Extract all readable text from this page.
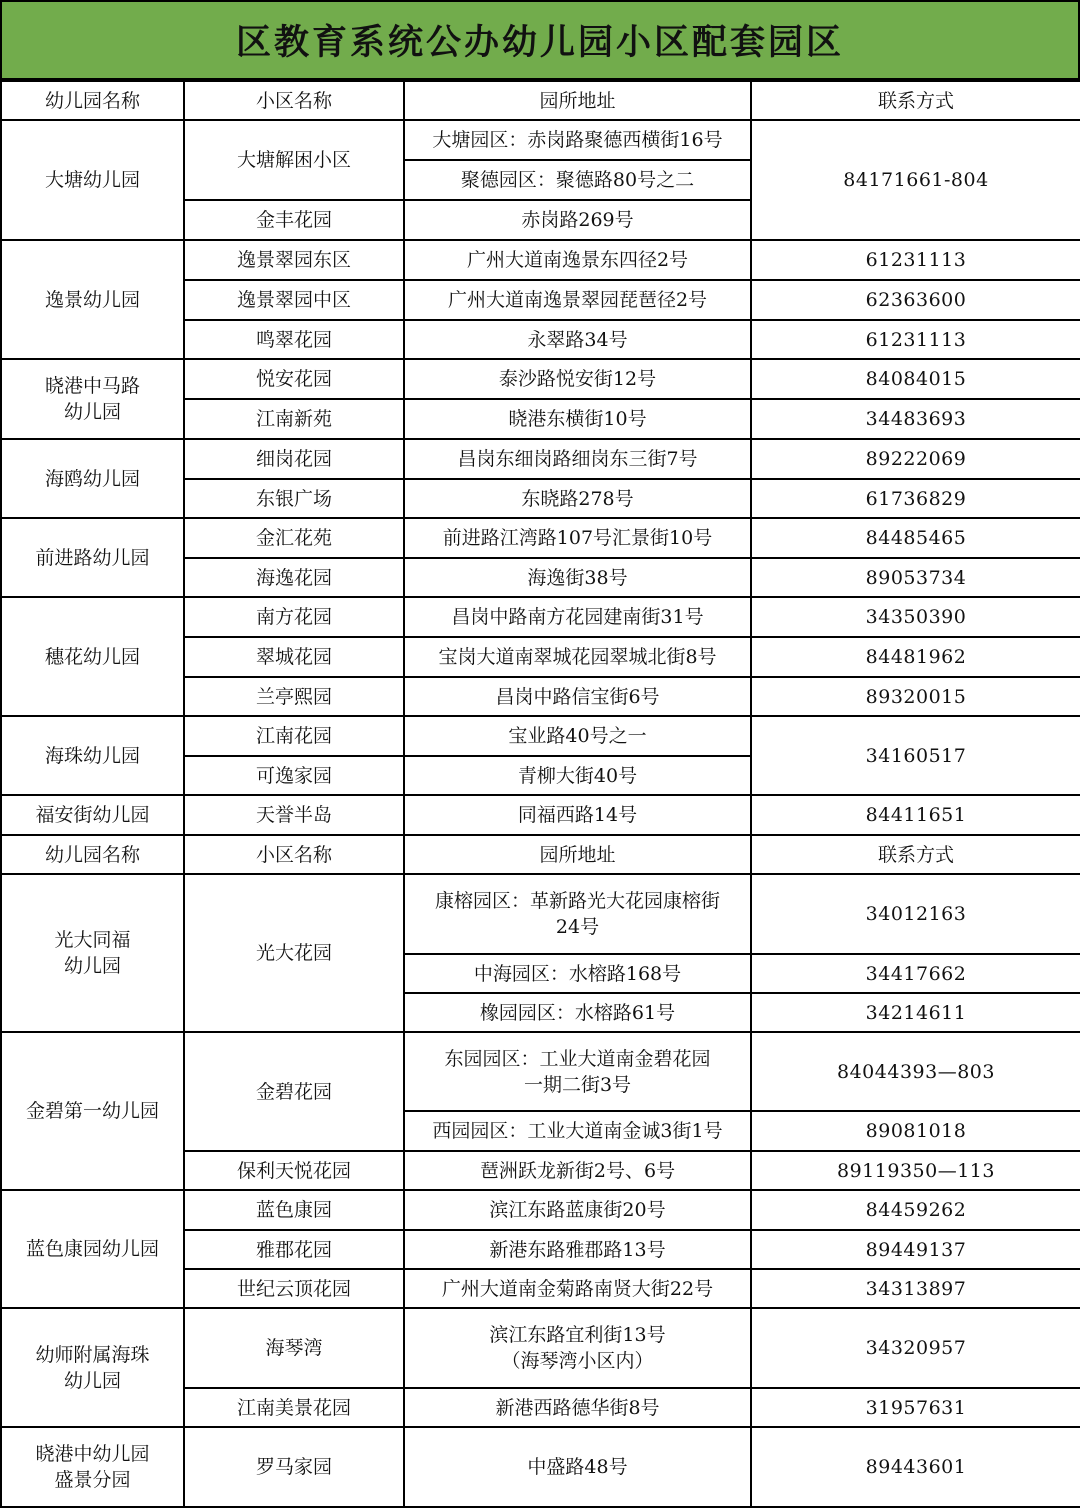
区教育系统公办幼儿园小区配套园区
幼儿园名称	小区名称	园所地址	联系方式
大塘幼儿园	大塘解困小区	大塘园区：赤岗路聚德西横街16号	84171661-804
		聚德园区：聚德路80号之二	
	金丰花园	赤岗路269号	
逸景幼儿园	逸景翠园东区	广州大道南逸景东四径2号	61231113
	逸景翠园中区	广州大道南逸景翠园琵琶径2号	62363600
	鸣翠花园	永翠路34号	61231113
晓港中马路
幼儿园	悦安花园	泰沙路悦安街12号	84084015
	江南新苑	晓港东横街10号	34483693
海鸥幼儿园	细岗花园	昌岗东细岗路细岗东三街7号	89222069
	东银广场	东晓路278号	61736829
前进路幼儿园	金汇花苑	前进路江湾路107号汇景街10号	84485465
	海逸花园	海逸街38号	89053734
穗花幼儿园	南方花园	昌岗中路南方花园建南街31号	34350390
	翠城花园	宝岗大道南翠城花园翠城北街8号	84481962
	兰亭熙园	昌岗中路信宝街6号	89320015
海珠幼儿园	江南花园	宝业路40号之一	34160517
	可逸家园	青柳大街40号	
福安街幼儿园	天誉半岛	同福西路14号	84411651
幼儿园名称	小区名称	园所地址	联系方式
光大同福
幼儿园	光大花园	康榕园区：革新路光大花园康榕街
24号	34012163
		中海园区：水榕路168号	34417662
		橡园园区：水榕路61号	34214611
金碧第一幼儿园	金碧花园	东园园区：工业大道南金碧花园
一期二街3号	84044393—803
		西园园区：工业大道南金诚3街1号	89081018
	保利天悦花园	琶洲跃龙新街2号、6号	89119350—113
蓝色康园幼儿园	蓝色康园	滨江东路蓝康街20号	84459262
	雅郡花园	新港东路雅郡路13号	89449137
	世纪云顶花园	广州大道南金菊路南贤大街22号	34313897
幼师附属海珠
幼儿园	海琴湾	滨江东路宜利街13号
（海琴湾小区内）	34320957
	江南美景花园	新港西路德华街8号	31957631
晓港中幼儿园
盛景分园	罗马家园	中盛路48号	89443601
